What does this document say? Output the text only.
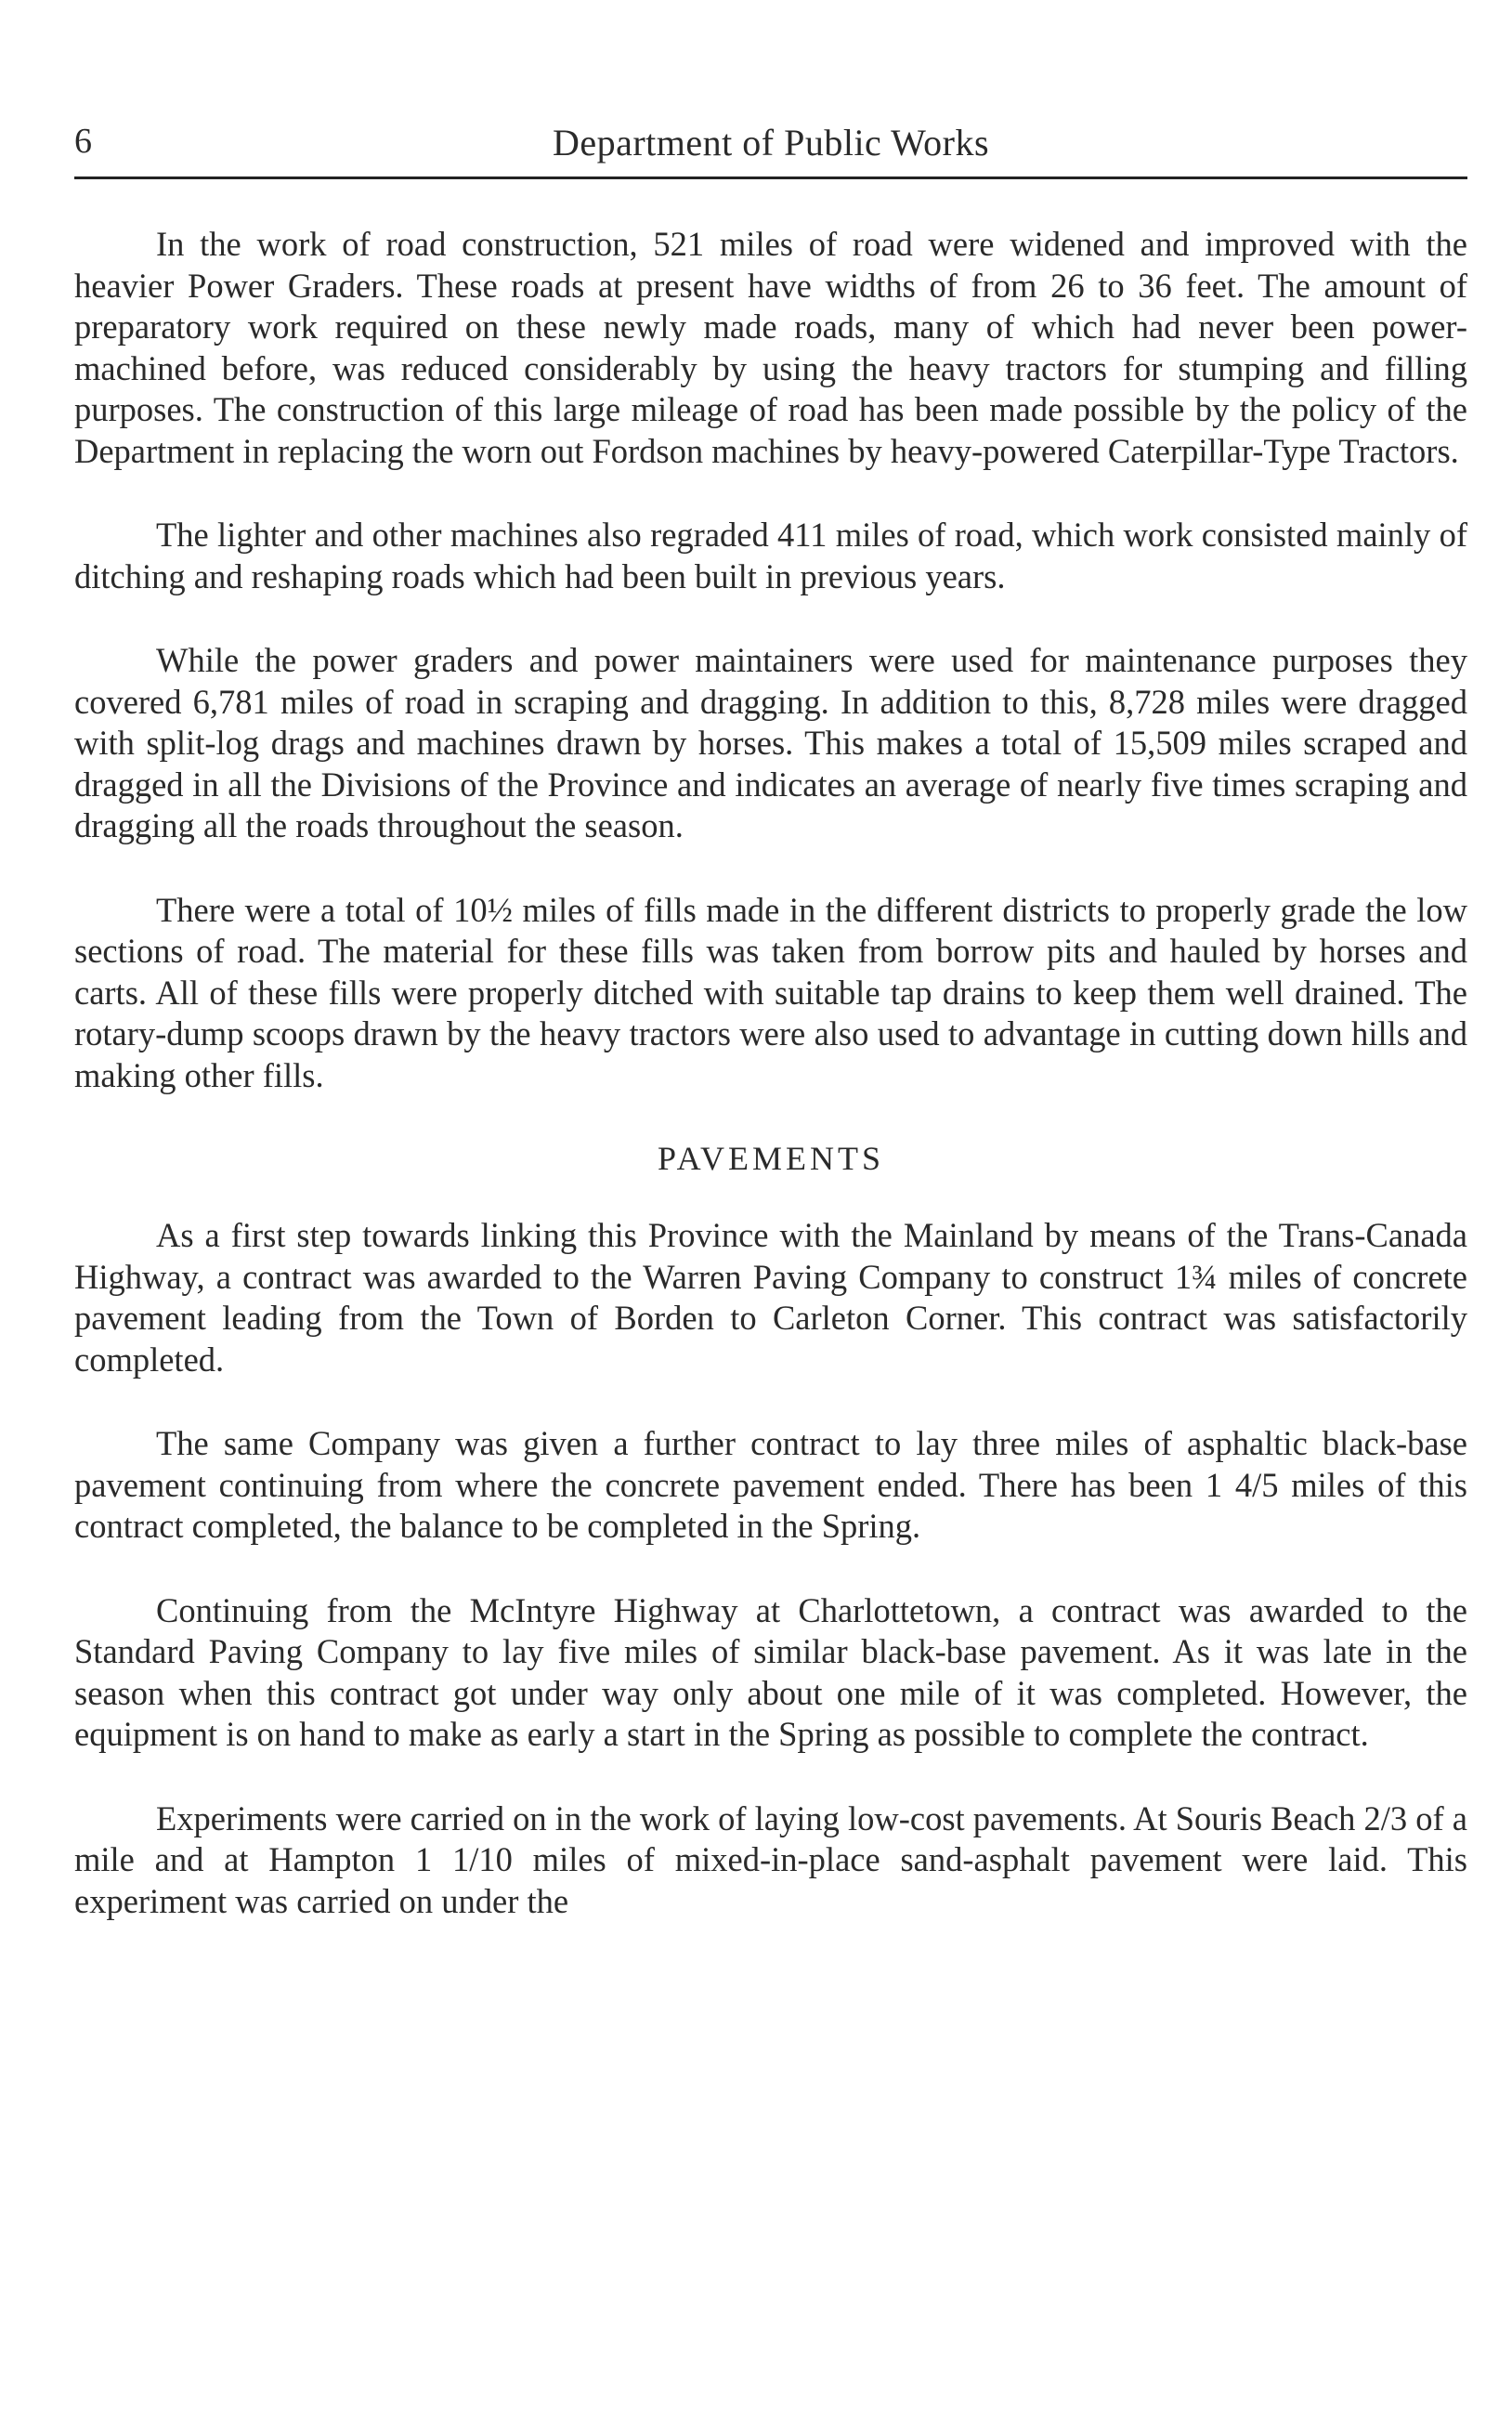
6	Department of Public Works

In the work of road construction, 521 miles of road were widened and improved with the heavier Power Graders. These roads at present have widths of from 26 to 36 feet. The amount of preparatory work required on these newly made roads, many of which had never been power-machined before, was reduced considerably by using the heavy tractors for stumping and filling purposes. The construction of this large mileage of road has been made possible by the policy of the Department in replacing the worn out Fordson machines by heavy-powered Caterpillar-Type Tractors.

The lighter and other machines also regraded 411 miles of road, which work consisted mainly of ditching and reshaping roads which had been built in previous years.

While the power graders and power maintainers were used for maintenance purposes they covered 6,781 miles of road in scraping and dragging. In addition to this, 8,728 miles were dragged with split-log drags and machines drawn by horses. This makes a total of 15,509 miles scraped and dragged in all the Divisions of the Province and indicates an average of nearly five times scraping and dragging all the roads throughout the season.

There were a total of 10½ miles of fills made in the different districts to properly grade the low sections of road. The material for these fills was taken from borrow pits and hauled by horses and carts. All of these fills were properly ditched with suitable tap drains to keep them well drained. The rotary-dump scoops drawn by the heavy tractors were also used to advantage in cutting down hills and making other fills.

PAVEMENTS

As a first step towards linking this Province with the Mainland by means of the Trans-Canada Highway, a contract was awarded to the Warren Paving Company to construct 1¾ miles of concrete pavement leading from the Town of Borden to Carleton Corner. This contract was satisfactorily completed.

The same Company was given a further contract to lay three miles of asphaltic black-base pavement continuing from where the concrete pavement ended. There has been 1 4/5 miles of this contract completed, the balance to be completed in the Spring.

Continuing from the McIntyre Highway at Charlottetown, a contract was awarded to the Standard Paving Company to lay five miles of similar black-base pavement. As it was late in the season when this contract got under way only about one mile of it was completed. However, the equipment is on hand to make as early a start in the Spring as possible to complete the contract.

Experiments were carried on in the work of laying low-cost pavements. At Souris Beach 2/3 of a mile and at Hampton 1 1/10 miles of mixed-in-place sand-asphalt pavement were laid. This experiment was carried on under the
